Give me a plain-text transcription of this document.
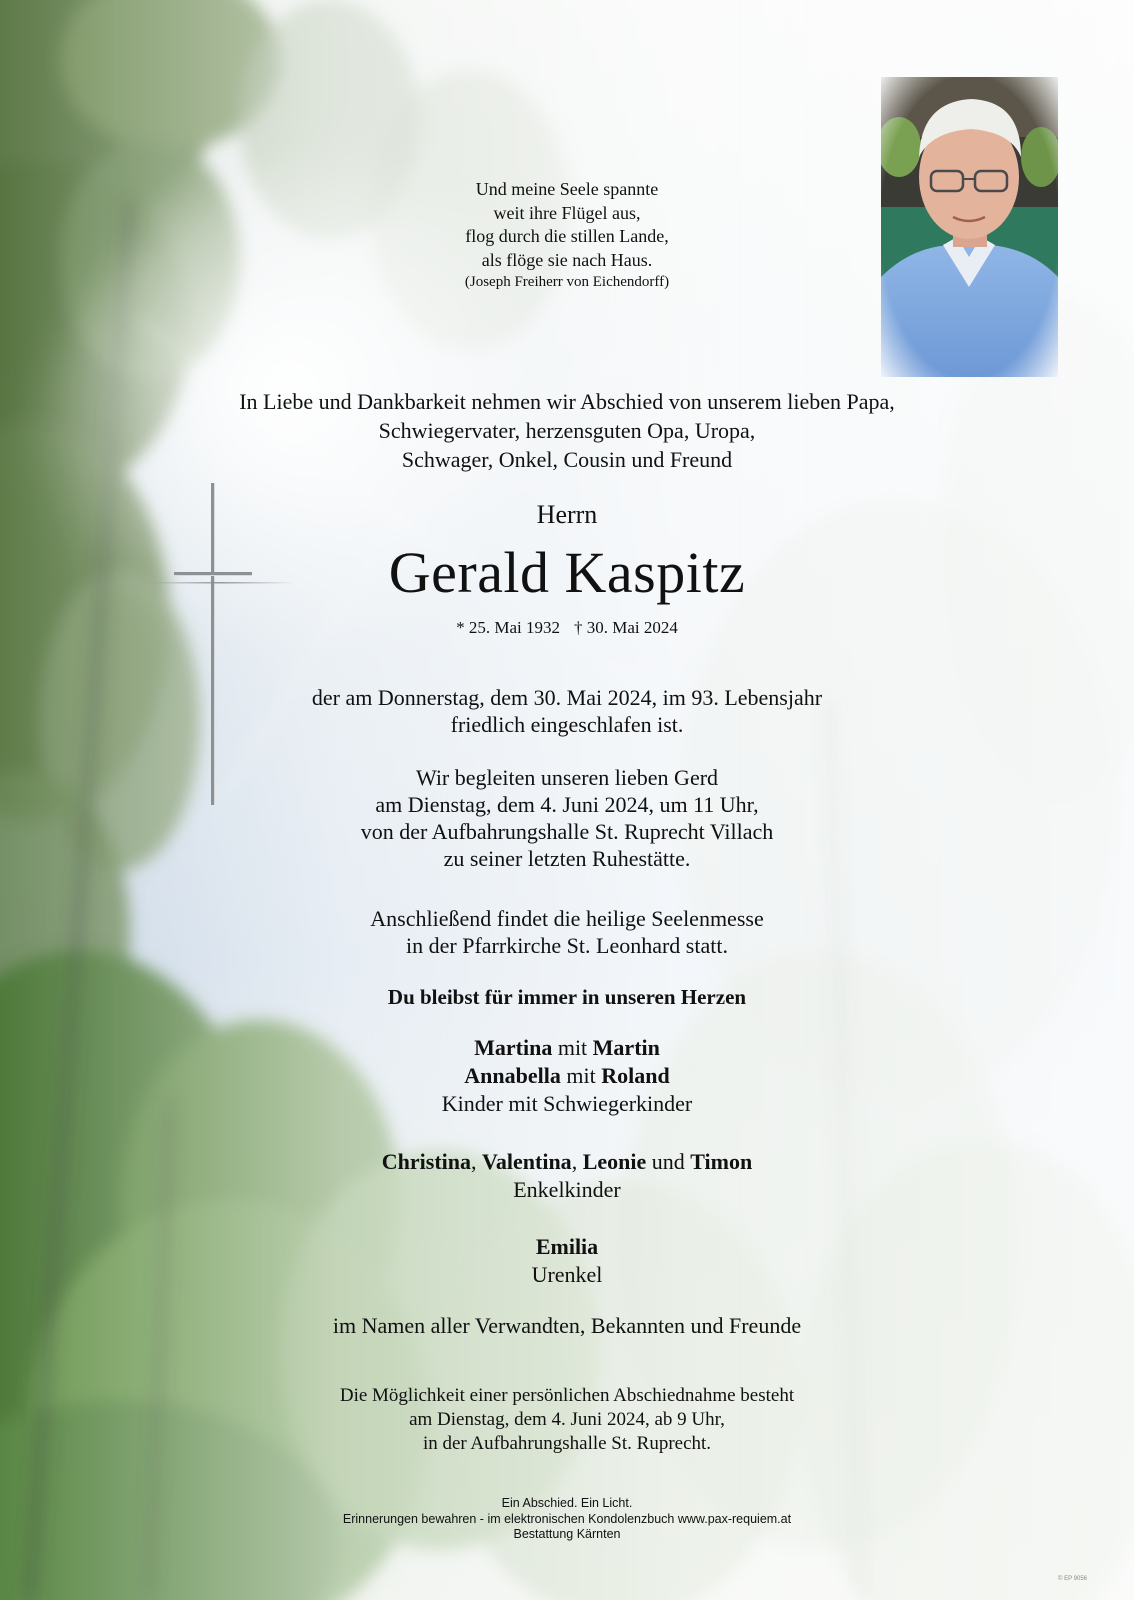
Und meine Seele spannte
weit ihre Flügel aus,
flog durch die stillen Lande,
als flöge sie nach Haus.
(Joseph Freiherr von Eichendorff)
In Liebe und Dankbarkeit nehmen wir Abschied von unserem lieben Papa,
Schwiegervater, herzensguten Opa, Uropa,
Schwager, Onkel, Cousin und Freund
Herrn
Gerald Kaspitz
* 25. Mai 1932 † 30. Mai 2024
der am Donnerstag, dem 30. Mai 2024, im 93. Lebensjahr
friedlich eingeschlafen ist.
Wir begleiten unseren lieben Gerd
am Dienstag, dem 4. Juni 2024, um 11 Uhr,
von der Aufbahrungshalle St. Ruprecht Villach
zu seiner letzten Ruhestätte.
Anschließend findet die heilige Seelenmesse
in der Pfarrkirche St. Leonhard statt.
Du bleibst für immer in unseren Herzen
Martina mit Martin
Annabella mit Roland
Kinder mit Schwiegerkinder
Christina, Valentina, Leonie und Timon
Enkelkinder
Emilia
Urenkel
im Namen aller Verwandten, Bekannten und Freunde
Die Möglichkeit einer persönlichen Abschiednahme besteht
am Dienstag, dem 4. Juni 2024, ab 9 Uhr,
in der Aufbahrungshalle St. Ruprecht.
Ein Abschied. Ein Licht.
Erinnerungen bewahren - im elektronischen Kondolenzbuch www.pax-requiem.at
Bestattung Kärnten
© EP 9056
